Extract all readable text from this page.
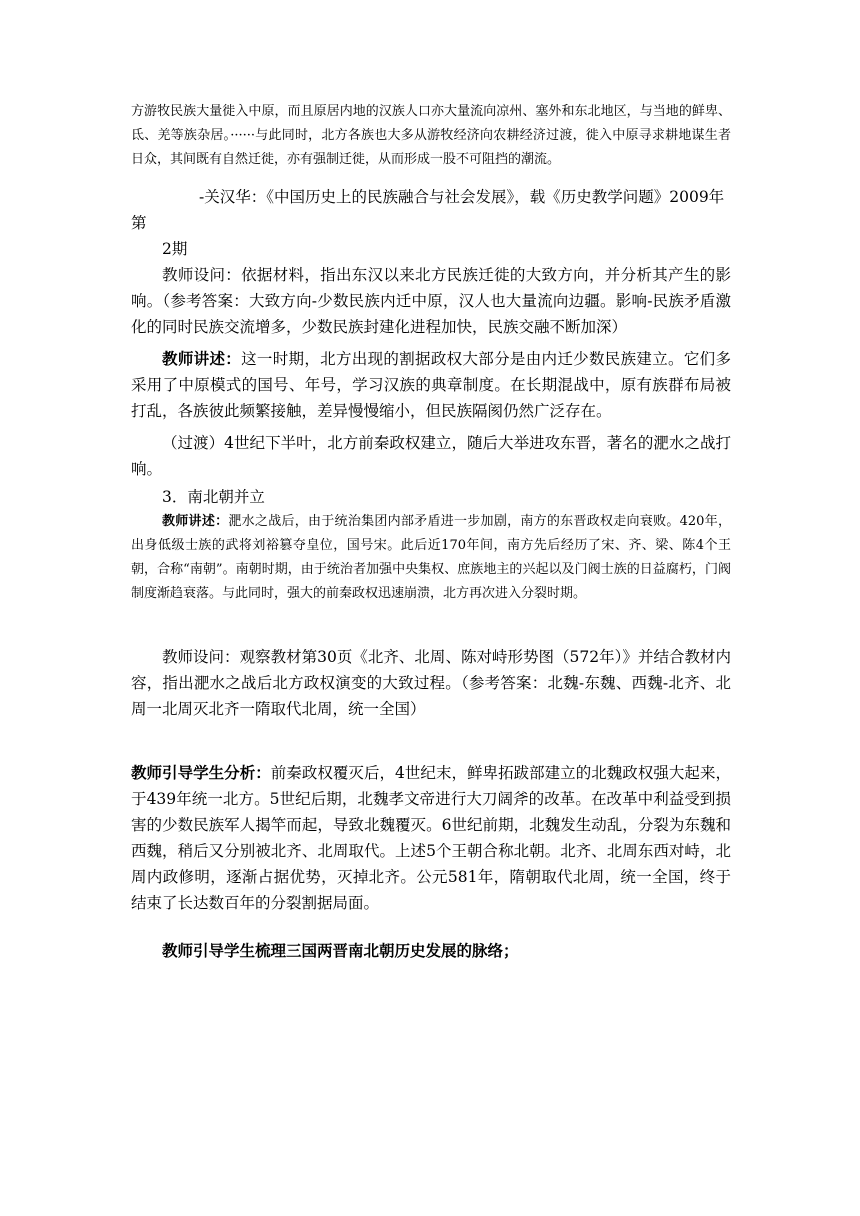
方游牧民族大量徙入中原，而且原居内地的汉族人口亦大量流向凉州、塞外和东北地区，与当地的鲜卑、氐、羌等族杂居。······与此同时，北方各族也大多从游牧经济向农耕经济过渡，徙入中原寻求耕地谋生者日众，其间既有自然迁徙，亦有强制迁徙，从而形成一股不可阻挡的潮流。

-关汉华：《中国历史上的民族融合与社会发展》，载《历史教学问题》2009年第
2期

教师设问：依据材料，指出东汉以来北方民族迁徙的大致方向，并分析其产生的影响。（参考答案：大致方向-少数民族内迁中原，汉人也大量流向边疆。影响-民族矛盾激化的同时民族交流增多，少数民族封建化进程加快，民族交融不断加深）

教师讲述：这一时期，北方出现的割据政权大部分是由内迁少数民族建立。它们多采用了中原模式的国号、年号，学习汉族的典章制度。在长期混战中，原有族群布局被打乱，各族彼此频繁接触，差异慢慢缩小，但民族隔阂仍然广泛存在。

（过渡）4世纪下半叶，北方前秦政权建立，随后大举进攻东晋，著名的淝水之战打响。

3．南北朝并立

教师讲述：淝水之战后，由于统治集团内部矛盾进一步加剧，南方的东晋政权走向衰败。420年，出身低级士族的武将刘裕篡夺皇位，国号宋。此后近170年间，南方先后经历了宋、齐、梁、陈4个王朝，合称“南朝”。南朝时期，由于统治者加强中央集权、庶族地主的兴起以及门阀士族的日益腐朽，门阀制度渐趋衰落。与此同时，强大的前秦政权迅速崩溃，北方再次进入分裂时期。

教师设问：观察教材第30页《北齐、北周、陈对峙形势图（572年）》并结合教材内容，指出淝水之战后北方政权演变的大致过程。（参考答案：北魏-东魏、西魏-北齐、北周一北周灭北齐一隋取代北周，统一全国）

教师引导学生分析：前秦政权覆灭后，4世纪末，鲜卑拓跋部建立的北魏政权强大起来，于439年统一北方。5世纪后期，北魏孝文帝进行大刀阔斧的改革。在改革中利益受到损害的少数民族军人揭竿而起，导致北魏覆灭。6世纪前期，北魏发生动乱，分裂为东魏和西魏，稍后又分别被北齐、北周取代。上述5个王朝合称北朝。北齐、北周东西对峙，北周内政修明，逐渐占据优势，灭掉北齐。公元581年，隋朝取代北周，统一全国，终于结束了长达数百年的分裂割据局面。

教师引导学生梳理三国两晋南北朝历史发展的脉络；
